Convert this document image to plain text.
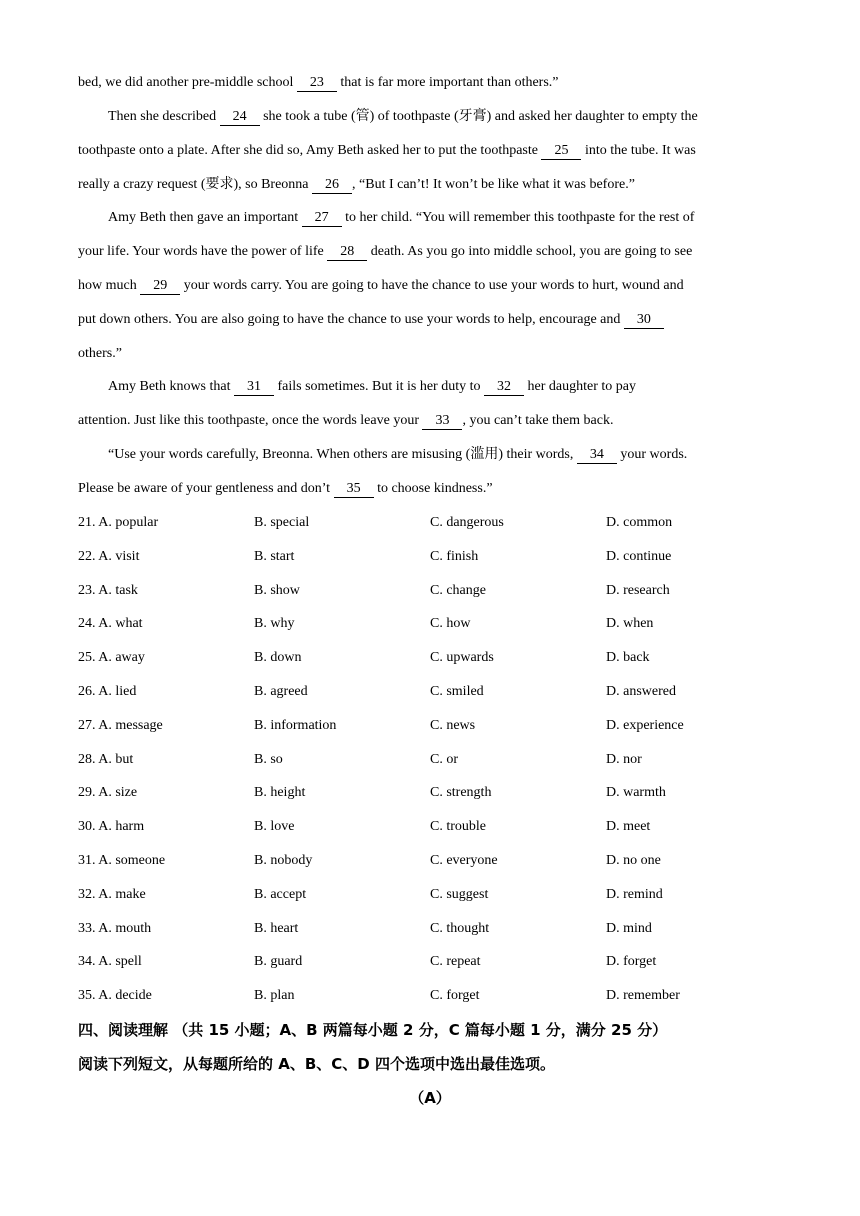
bed, we did another pre-middle school 23 that is far more important than others.”
Then she described 24 she took a tube (管) of toothpaste (牙膏) and asked her daughter to empty the
toothpaste onto a plate. After she did so, Amy Beth asked her to put the toothpaste 25 into the tube. It was
really a crazy request (要求), so Breonna 26 , “But I can’t! It won’t be like what it was before.”
Amy Beth then gave an important 27 to her child. “You will remember this toothpaste for the rest of
your life. Your words have the power of life 28 death. As you go into middle school, you are going to see
how much 29 your words carry. You are going to have the chance to use your words to hurt, wound and
put down others. You are also going to have the chance to use your words to help, encourage and 30
others.”
Amy Beth knows that 31 fails sometimes. But it is her duty to 32 her daughter to pay
attention. Just like this toothpaste, once the words leave your 33 , you can’t take them back.
“Use your words carefully, Breonna. When others are misusing (滥用) their words, 34 your words.
Please be aware of your gentleness and don’t 35 to choose kindness.”
21. A. popular	B. special	C. dangerous	D. common
22. A. visit	B. start	C. finish	D. continue
23. A. task	B. show	C. change	D. research
24. A. what	B. why	C. how	D. when
25. A. away	B. down	C. upwards	D. back
26. A. lied	B. agreed	C. smiled	D. answered
27. A. message	B. information	C. news	D. experience
28. A. but	B. so	C. or	D. nor
29. A. size	B. height	C. strength	D. warmth
30. A. harm	B. love	C. trouble	D. meet
31. A. someone	B. nobody	C. everyone	D. no one
32. A. make	B. accept	C. suggest	D. remind
33. A. mouth	B. heart	C. thought	D. mind
34. A. spell	B. guard	C. repeat	D. forget
35. A. decide	B. plan	C. forget	D. remember
四、阅读理解 （共 15 小题；A、B 两篇每小题 2 分，C 篇每小题 1 分，满分 25 分）
阅读下列短文，从每题所给的 A、B、C、D 四个选项中选出最佳选项。
（A）
